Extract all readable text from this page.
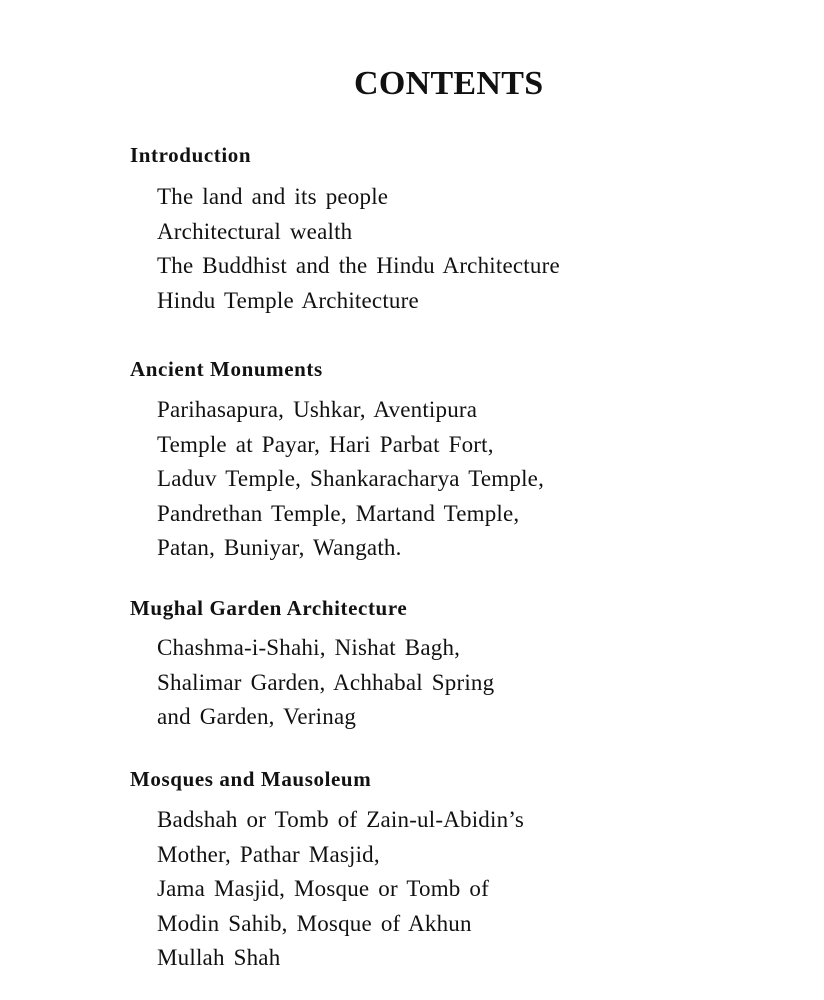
CONTENTS
Introduction
The land and its people
Architectural wealth
The Buddhist and the Hindu Architecture
Hindu Temple Architecture
Ancient Monuments
Parihasapura, Ushkar, Aventipura
Temple at Payar, Hari Parbat Fort,
Laduv Temple, Shankaracharya Temple,
Pandrethan Temple, Martand Temple,
Patan, Buniyar, Wangath.
Mughal Garden Architecture
Chashma-i-Shahi, Nishat Bagh,
Shalimar Garden, Achhabal Spring
and Garden, Verinag
Mosques and Mausoleum
Badshah or Tomb of Zain-ul-Abidin’s
Mother, Pathar Masjid,
Jama Masjid, Mosque or Tomb of
Modin Sahib, Mosque of Akhun
Mullah Shah
